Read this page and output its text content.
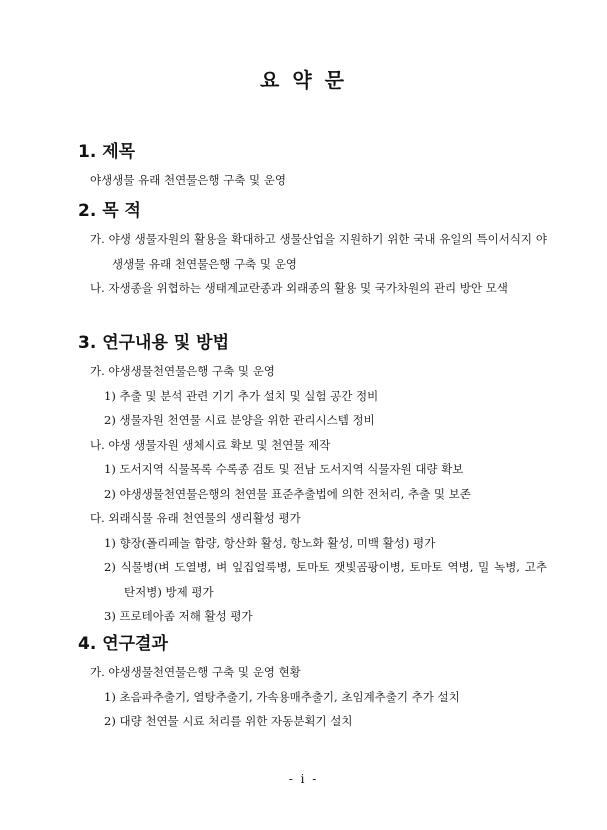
요 약 문
1. 제목
야생생물 유래 천연물은행 구축 및 운영
2. 목 적
가. 야생 생물자원의 활용을 확대하고 생물산업을 지원하기 위한 국내 유일의 특이서식지 야생생물 유래 천연물은행 구축 및 운영
나. 자생종을 위협하는 생태계교란종과 외래종의 활용 및 국가차원의 관리 방안 모색
3. 연구내용 및 방법
가. 야생생물천연물은행 구축 및 운영
1) 추출 및 분석 관련 기기 추가 설치 및 실험 공간 정비
2) 생물자원 천연물 시료 분양을 위한 관리시스템 정비
나. 야생 생물자원 생체시료 확보 및 천연물 제작
1) 도서지역 식물목록 수록종 검토 및 전남 도서지역 식물자원 대량 확보
2) 야생생물천연물은행의 천연물 표준추출법에 의한 전처리, 추출 및 보존
다. 외래식물 유래 천연물의 생리활성 평가
1) 향장(폴리페놀 함량, 항산화 활성, 항노화 활성, 미백 활성) 평가
2) 식물병(벼 도열병, 벼 잎집얼룩병, 토마토 잿빛곰팡이병, 토마토 역병, 밀 녹병, 고추 탄저병) 방제 평가
3) 프로테아좀 저해 활성 평가
4. 연구결과
가. 야생생물천연물은행 구축 및 운영 현황
1) 초음파추출기, 열탕추출기, 가속용매추출기, 초임계추출기 추가 설치
2) 대량 천연물 시료 처리를 위한 자동분획기 설치
- i -
